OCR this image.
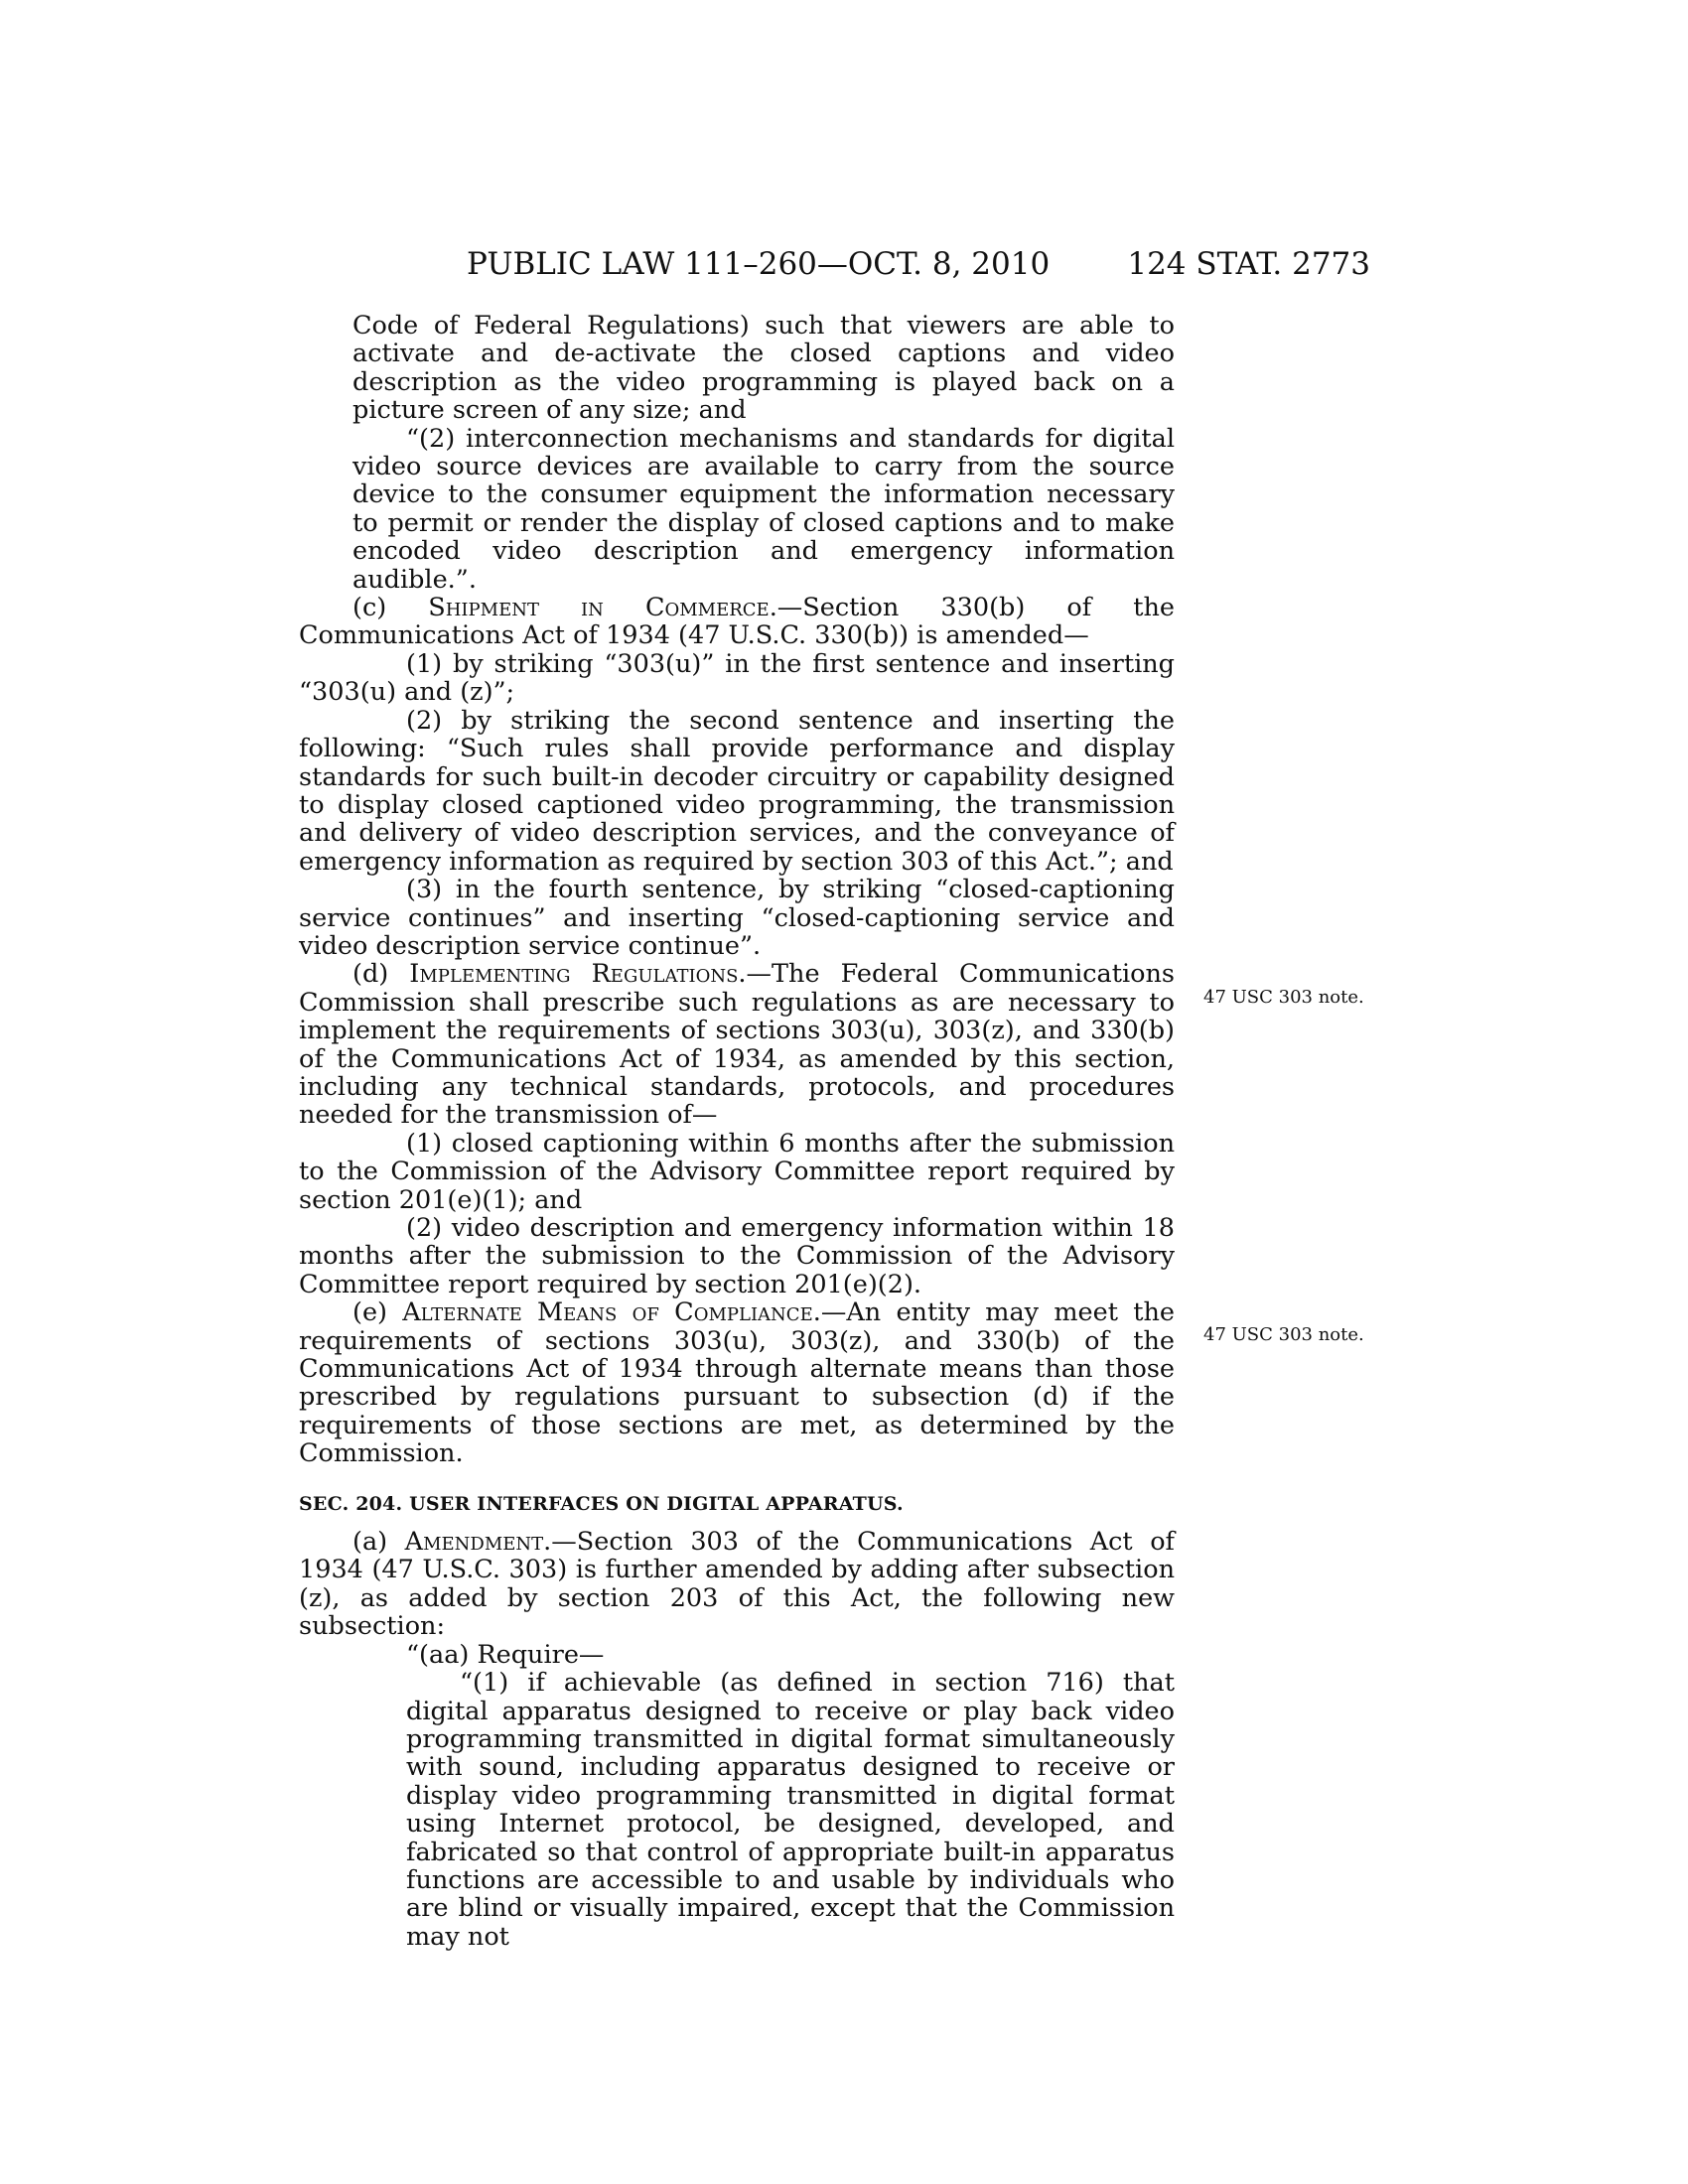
PUBLIC LAW 111–260—OCT. 8, 2010	124 STAT. 2773

Code of Federal Regulations) such that viewers are able to activate and de-activate the closed captions and video description as the video programming is played back on a picture screen of any size; and

“(2) interconnection mechanisms and standards for digital video source devices are available to carry from the source device to the consumer equipment the information necessary to permit or render the display of closed captions and to make encoded video description and emergency information audible.”.

(c) Shipment in Commerce.—Section 330(b) of the Communications Act of 1934 (47 U.S.C. 330(b)) is amended—

(1) by striking “303(u)” in the first sentence and inserting “303(u) and (z)”;

(2) by striking the second sentence and inserting the following: “Such rules shall provide performance and display standards for such built-in decoder circuitry or capability designed to display closed captioned video programming, the transmission and delivery of video description services, and the conveyance of emergency information as required by section 303 of this Act.”; and

(3) in the fourth sentence, by striking “closed-captioning service continues” and inserting “closed-captioning service and video description service continue”.

(d) Implementing Regulations.—The Federal Communications Commission shall prescribe such regulations as are necessary to implement the requirements of sections 303(u), 303(z), and 330(b) of the Communications Act of 1934, as amended by this section, including any technical standards, protocols, and procedures needed for the transmission of—

(1) closed captioning within 6 months after the submission to the Commission of the Advisory Committee report required by section 201(e)(1); and

(2) video description and emergency information within 18 months after the submission to the Commission of the Advisory Committee report required by section 201(e)(2).

(e) Alternate Means of Compliance.—An entity may meet the requirements of sections 303(u), 303(z), and 330(b) of the Communications Act of 1934 through alternate means than those prescribed by regulations pursuant to subsection (d) if the requirements of those sections are met, as determined by the Commission.

SEC. 204. USER INTERFACES ON DIGITAL APPARATUS.

(a) Amendment.—Section 303 of the Communications Act of 1934 (47 U.S.C. 303) is further amended by adding after subsection (z), as added by section 203 of this Act, the following new subsection:

“(aa) Require—

“(1) if achievable (as defined in section 716) that digital apparatus designed to receive or play back video programming transmitted in digital format simultaneously with sound, including apparatus designed to receive or display video programming transmitted in digital format using Internet protocol, be designed, developed, and fabricated so that control of appropriate built-in apparatus functions are accessible to and usable by individuals who are blind or visually impaired, except that the Commission may not

47 USC 303 note.
47 USC 303 note.
